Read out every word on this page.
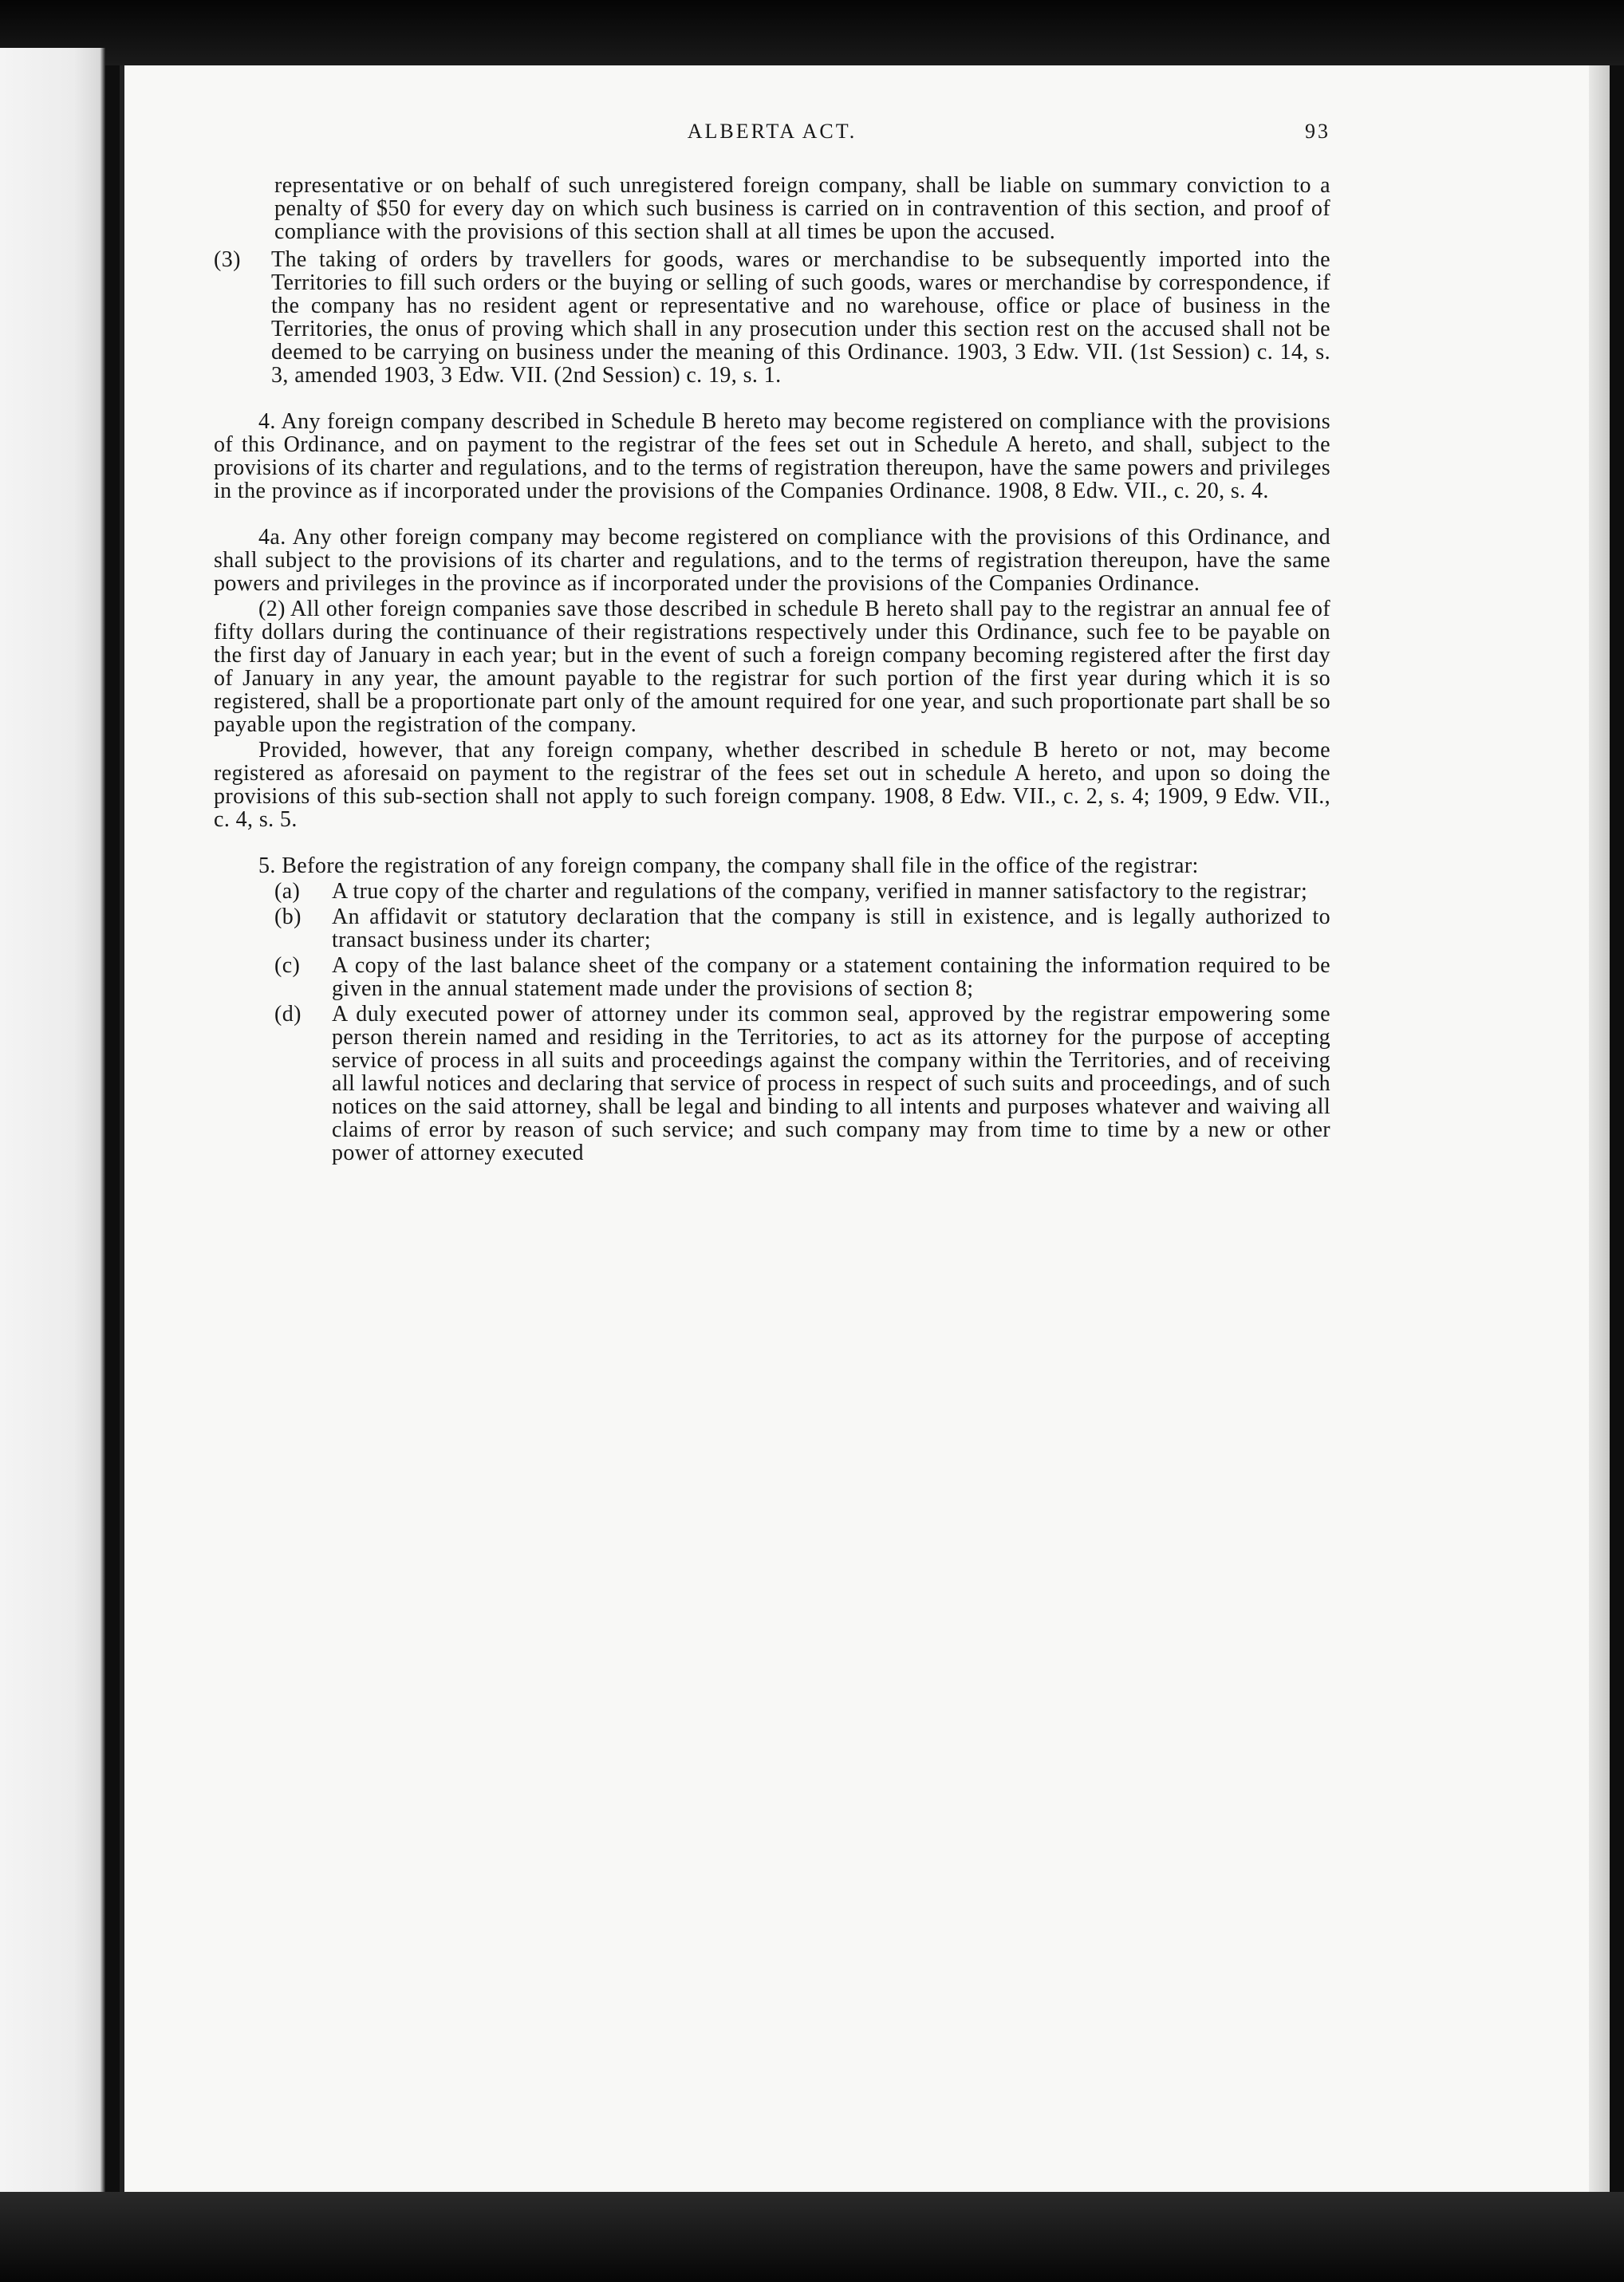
ALBERTA ACT.	93

representative or on behalf of such unregistered foreign company, shall be liable on summary conviction to a penalty of $50 for every day on which such business is carried on in contravention of this section, and proof of compliance with the provisions of this section shall at all times be upon the accused.

(3)	The taking of orders by travellers for goods, wares or merchandise to be subsequently imported into the Territories to fill such orders or the buying or selling of such goods, wares or merchandise by correspondence, if the company has no resident agent or representative and no warehouse, office or place of business in the Territories, the onus of proving which shall in any prosecution under this section rest on the accused shall not be deemed to be carrying on business under the meaning of this Ordinance. 1903, 3 Edw. VII. (1st Session) c. 14, s. 3, amended 1903, 3 Edw. VII. (2nd Session) c. 19, s. 1.

4. Any foreign company described in Schedule B hereto may become registered on compliance with the provisions of this Ordinance, and on payment to the registrar of the fees set out in Schedule A hereto, and shall, subject to the provisions of its charter and regulations, and to the terms of registration thereupon, have the same powers and privileges in the province as if incorporated under the provisions of the Companies Ordinance. 1908, 8 Edw. VII., c. 20, s. 4.

4a. Any other foreign company may become registered on compliance with the provisions of this Ordinance, and shall subject to the provisions of its charter and regulations, and to the terms of registration thereupon, have the same powers and privileges in the province as if incorporated under the provisions of the Companies Ordinance.

(2) All other foreign companies save those described in schedule B hereto shall pay to the registrar an annual fee of fifty dollars during the continuance of their registrations respectively under this Ordinance, such fee to be payable on the first day of January in each year; but in the event of such a foreign company becoming registered after the first day of January in any year, the amount payable to the registrar for such portion of the first year during which it is so registered, shall be a proportionate part only of the amount required for one year, and such proportionate part shall be so payable upon the registration of the company.

Provided, however, that any foreign company, whether described in schedule B hereto or not, may become registered as aforesaid on payment to the registrar of the fees set out in schedule A hereto, and upon so doing the provisions of this sub-section shall not apply to such foreign company. 1908, 8 Edw. VII., c. 2, s. 4; 1909, 9 Edw. VII., c. 4, s. 5.

5. Before the registration of any foreign company, the company shall file in the office of the registrar:

(a)	A true copy of the charter and regulations of the company, verified in manner satisfactory to the registrar;
(b)	An affidavit or statutory declaration that the company is still in existence, and is legally authorized to transact business under its charter;
(c)	A copy of the last balance sheet of the company or a statement containing the information required to be given in the annual statement made under the provisions of section 8;
(d)	A duly executed power of attorney under its common seal, approved by the registrar empowering some person therein named and residing in the Territories, to act as its attorney for the purpose of accepting service of process in all suits and proceedings against the company within the Territories, and of receiving all lawful notices and declaring that service of process in respect of such suits and proceedings, and of such notices on the said attorney, shall be legal and binding to all intents and purposes whatever and waiving all claims of error by reason of such service; and such company may from time to time by a new or other power of attorney executed
